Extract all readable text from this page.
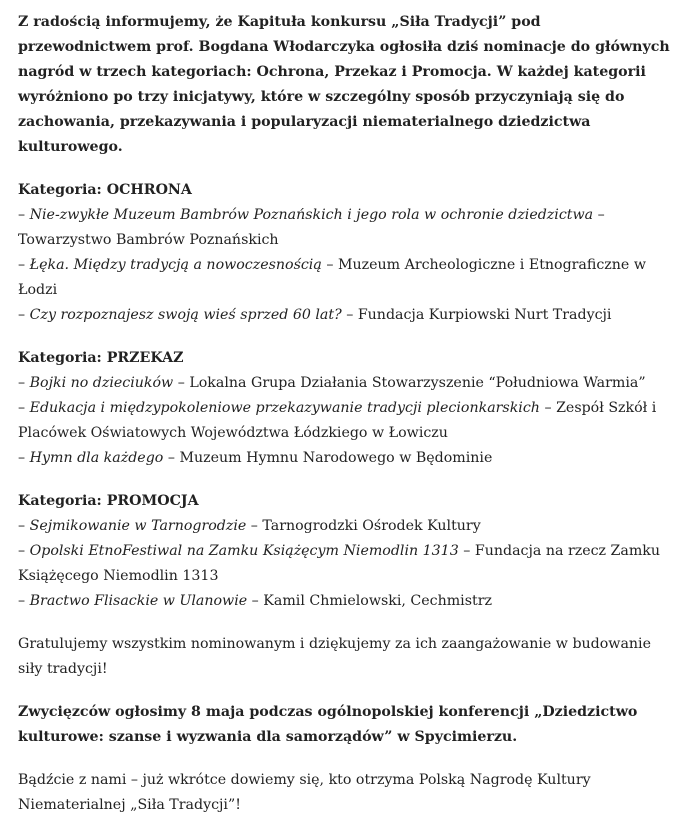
Z radością informujemy, że Kapituła konkursu „Siła Tradycji” pod przewodnictwem prof. Bogdana Włodarczyka ogłosiła dziś nominacje do głównych nagród w trzech kategoriach: Ochrona, Przekaz i Promocja. W każdej kategorii wyróżniono po trzy inicjatywy, które w szczególny sposób przyczyniają się do zachowania, przekazywania i popularyzacji niematerialnego dziedzictwa kulturowego.

Kategoria: OCHRONA

– Nie-zwykłe Muzeum Bambrów Poznańskich i jego rola w ochronie dziedzictwa – Towarzystwo Bambrów Poznańskich

– Łęka. Między tradycją a nowoczesnością – Muzeum Archeologiczne i Etnograficzne w Łodzi

– Czy rozpoznajesz swoją wieś sprzed 60 lat? – Fundacja Kurpiowski Nurt Tradycji

Kategoria: PRZEKAZ

– Bojki no dzieciuków – Lokalna Grupa Działania Stowarzyszenie “Południowa Warmia”

– Edukacja i międzypokoleniowe przekazywanie tradycji plecionkarskich – Zespół Szkół i Placówek Oświatowych Województwa Łódzkiego w Łowiczu

– Hymn dla każdego – Muzeum Hymnu Narodowego w Będominie

Kategoria: PROMOCJA

– Sejmikowanie w Tarnogrodzie – Tarnogrodzki Ośrodek Kultury

– Opolski EtnoFestiwal na Zamku Książęcym Niemodlin 1313 – Fundacja na rzecz Zamku Książęcego Niemodlin 1313

– Bractwo Flisackie w Ulanowie – Kamil Chmielowski, Cechmistrz

Gratulujemy wszystkim nominowanym i dziękujemy za ich zaangażowanie w budowanie siły tradycji!

Zwycięzców ogłosimy 8 maja podczas ogólnopolskiej konferencji „Dziedzictwo kulturowe: szanse i wyzwania dla samorządów” w Spycimierzu.

Bądźcie z nami – już wkrótce dowiemy się, kto otrzyma Polską Nagrodę Kultury Niematerialnej „Siła Tradycji”!
